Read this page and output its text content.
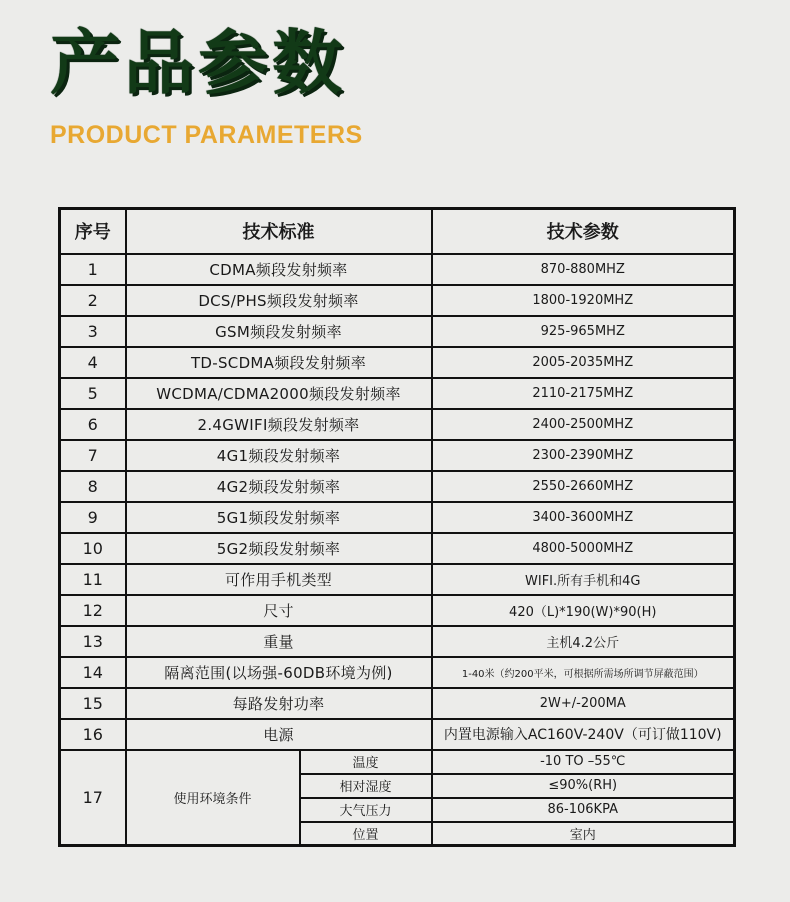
产品参数
PRODUCT PARAMETERS
序号	技术标准		技术参数
1	CDMA频段发射频率		870-880MHZ
2	DCS/PHS频段发射频率		1800-1920MHZ
3	GSM频段发射频率		925-965MHZ
4	TD-SCDMA频段发射频率		2005-2035MHZ
5	WCDMA/CDMA2000频段发射频率		2110-2175MHZ
6	2.4GWIFI频段发射频率		2400-2500MHZ
7	4G1频段发射频率		2300-2390MHZ
8	4G2频段发射频率		2550-2660MHZ
9	5G1频段发射频率		3400-3600MHZ
10	5G2频段发射频率		4800-5000MHZ
11	可作用手机类型		WIFI.所有手机和4G
12	尺寸		420（L)*190(W)*90(H)
13	重量		主机4.2公斤
14	隔离范围(以场强-60DB环境为例)		1-40米（约200平米，可根据所需场所调节屏蔽范围）
15	每路发射功率		2W+/-200MA
16	电源		内置电源输入AC160V-240V（可订做110V)
17	使用环境条件	温度	-10 TO –55℃
		相对湿度	≤90%(RH)
		大气压力	86-106KPA
		位置	室内
